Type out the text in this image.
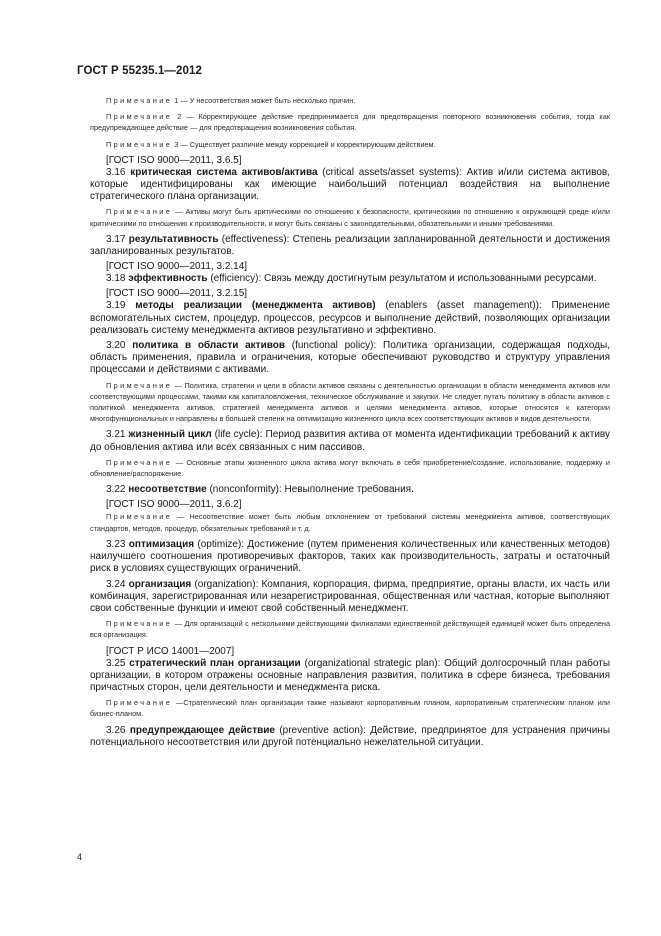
ГОСТ Р 55235.1—2012

Примечание 1 — У несоответствия может быть несколько причин.

Примечание 2 — Корректирующее действие предпринимается для предотвращения повторного возникновения события, тогда как предупреждающее действие — для предотвращения возникновения события.

Примечание 3 — Существует различие между коррекцией и корректирующим действием.

[ГОСТ ISO 9000—2011, 3.6.5]

3.16 критическая система активов/актива (critical assets/asset systems): Актив и/или система активов, которые идентифицированы как имеющие наибольший потенциал воздействия на выполнение стратегического плана организации.

Примечание — Активы могут быть критическими по отношению к безопасности, критическими по отношению к окружающей среде и/или критическими по отношению к производительности, и могут быть связаны с законодательными, обязательными и иными требованиями.

3.17 результативность (effectiveness): Степень реализации запланированной деятельности и достижения запланированных результатов.

[ГОСТ ISO 9000—2011, 3.2.14]

3.18 эффективность (efficiency): Связь между достигнутым результатом и использованными ресурсами.

[ГОСТ ISO 9000—2011, 3.2.15]

3.19 методы реализации (менеджмента активов) (enablers (asset management)): Применение вспомогательных систем, процедур, процессов, ресурсов и выполнение действий, позволяющих организации реализовать систему менеджмента активов результативно и эффективно.

3.20 политика в области активов (functional policy): Политика организации, содержащая подходы, область применения, правила и ограничения, которые обеспечивают руководство и структуру управления процессами и действиями с активами.

Примечание — Политика, стратегии и цели в области активов связаны с деятельностью организации в области менеджмента активов или соответствующими процессами, такими как капиталовложения, техническое обслуживание и закупки. Не следует путать политику в области активов с политикой менеджмента активов, стратегией менеджмента активов и целями менеджмента активов, которые относятся к категории многофункциональных и направлены в большей степени на оптимизацию жизненного цикла всех соответствующих активов и видов деятельности.

3.21 жизненный цикл (life cycle): Период развития актива от момента идентификации требований к активу до обновления актива или всех связанных с ним пассивов.

Примечание — Основные этапы жизненного цикла актива могут включать в себя приобретение/создание, использование, поддержку и обновление/распоряжение.

3.22 несоответствие (nonconformity): Невыполнение требования.

[ГОСТ ISO 9000—2011, 3.6.2]

Примечание — Несоответствие может быть любым отклонением от требований системы менеджмента активов, соответствующих стандартов, методов, процедур, обязательных требований и т. д.

3.23 оптимизация (optimize): Достижение (путем применения количественных или качественных методов) наилучшего соотношения противоречивых факторов, таких как производительность, затраты и остаточный риск в условиях существующих ограничений.

3.24 организация (organization): Компания, корпорация, фирма, предприятие, органы власти, их часть или комбинация, зарегистрированная или незарегистрированная, общественная или частная, которые выполняют свои собственные функции и имеют свой собственный менеджмент.

Примечание — Для организаций с несколькими действующими филиалами единственной действующей единицей может быть определена вся организация.

[ГОСТ Р ИСО 14001—2007]

3.25 стратегический план организации (organizational strategic plan): Общий долгосрочный план работы организации, в котором отражены основные направления развития, политика в сфере бизнеса, требования причастных сторон, цели деятельности и менеджмента риска.

Примечание —Стратегический план организации также называют корпоративным планом, корпоративным стратегическим планом или бизнес-планом.

3.26 предупреждающее действие (preventive action): Действие, предпринятое для устранения причины потенциального несоответствия или другой потенциально нежелательной ситуации.

4
